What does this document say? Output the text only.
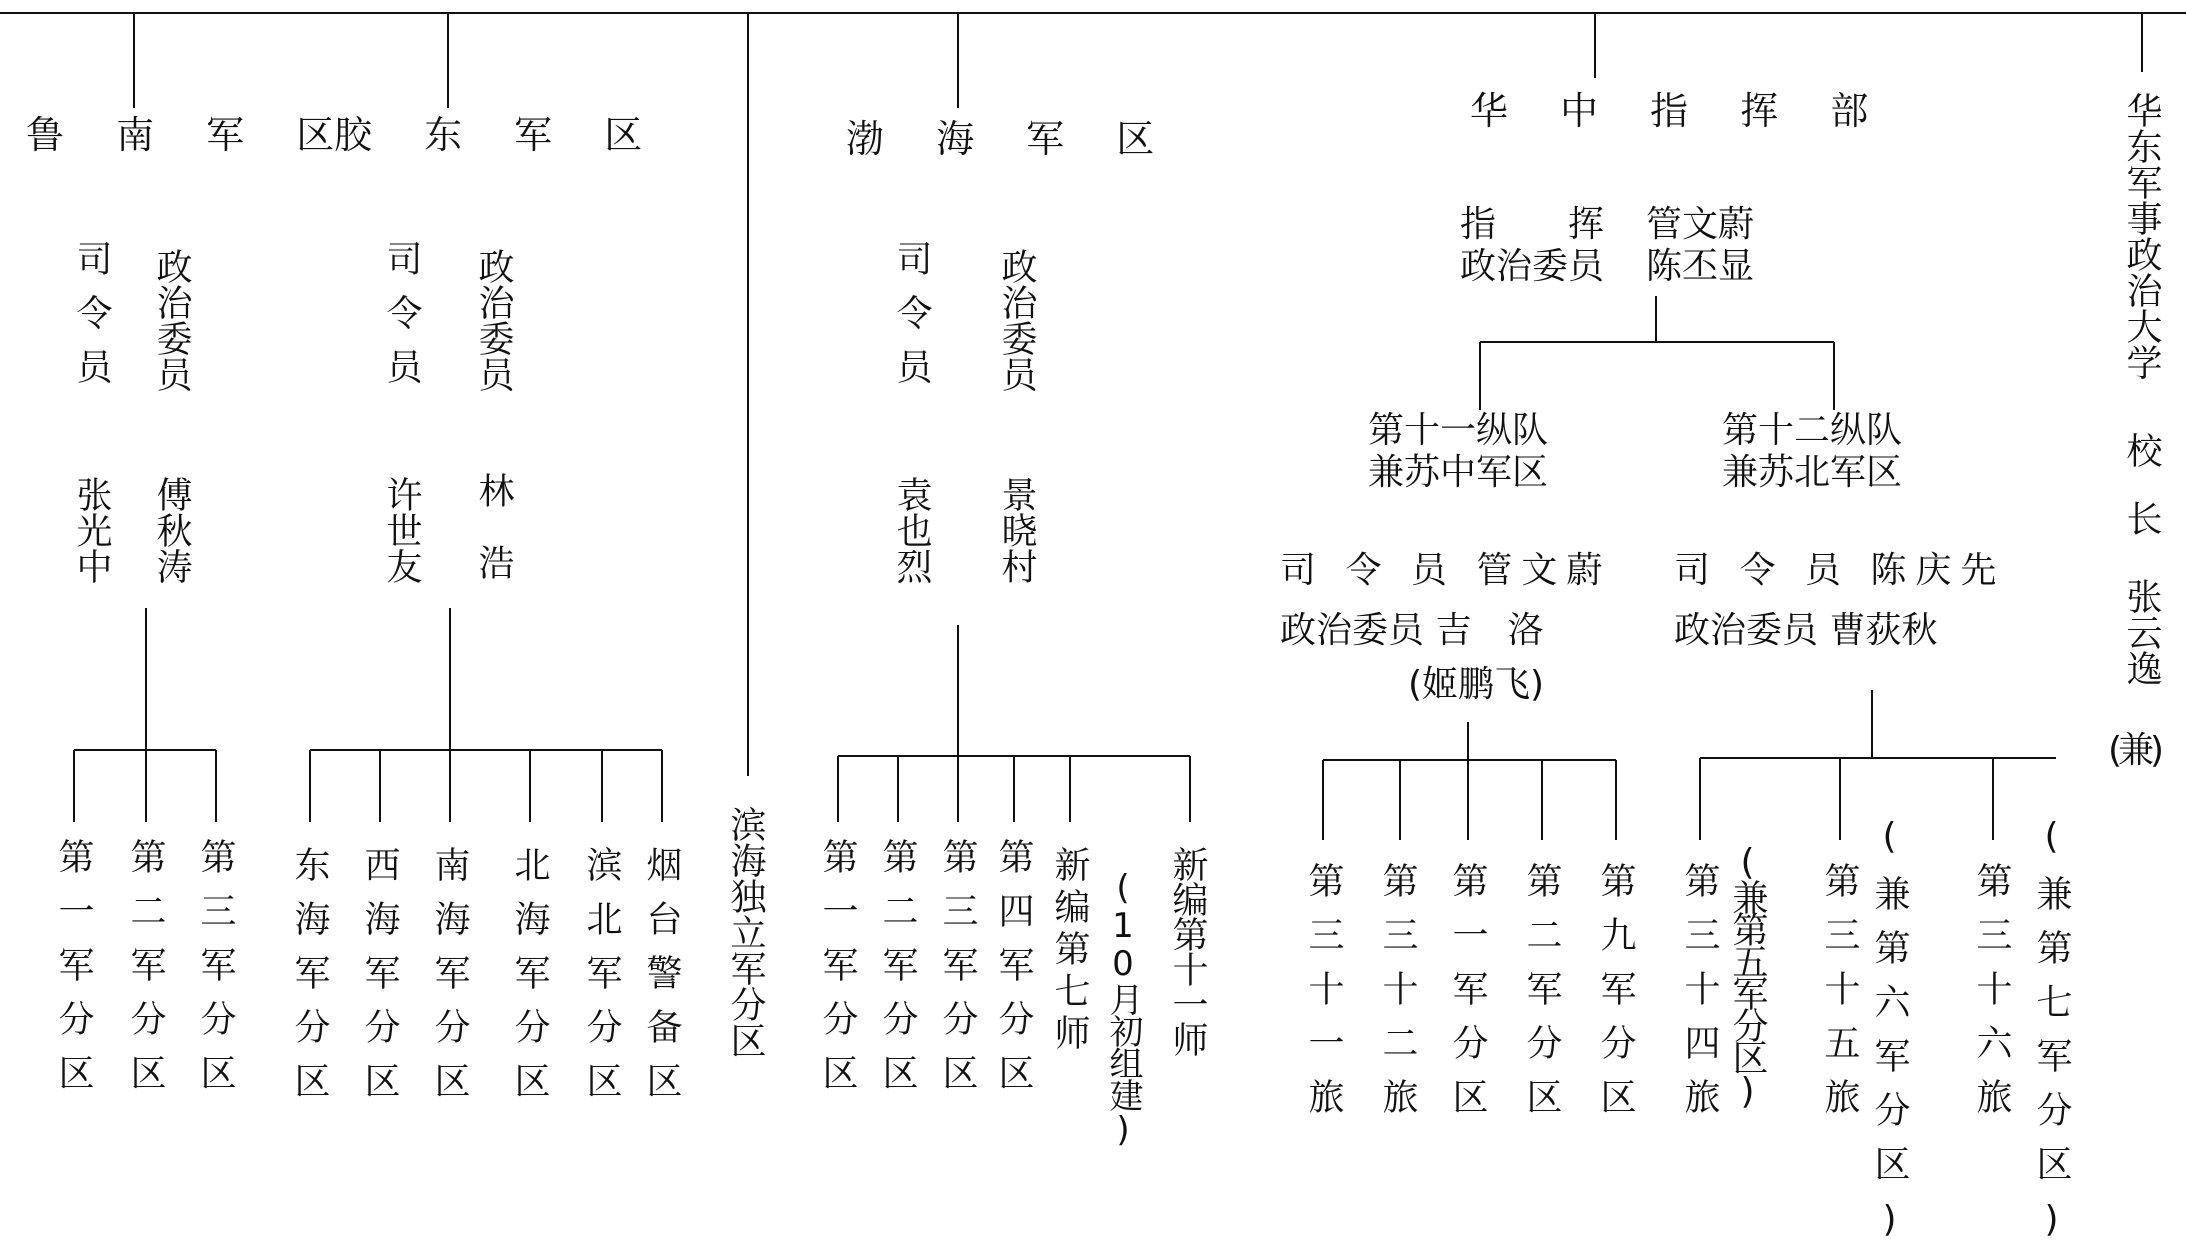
鲁 南 军 区
司令员 政治委员
张光中 傅秋涛
第一军分区 第二军分区 第三军分区
胶 东 军 区
司令员 政治委员
许世友 林　浩
东海军分区 西海军分区 南海军分区 北海军分区 滨北军分区 烟台警备区 滨海独立军分区
渤 海 军 区
司令员 政治委员
袁也烈 景晓村
第一军分区 第二军分区 第三军分区 第四军分区 新编第七师 (10月初组建) 新编第十一师
华 中 指 挥 部
指　　挥 管文蔚
政治委员 陈丕显
第十一纵队
兼苏中军区
司 令 员 管文蔚
政治委员 吉　洛
(姬鹏飞)
第三十一旅 第三十二旅 第一军分区 第二军分区 第九军分区
第十二纵队
兼苏北军区
司 令 员 陈庆先
政治委员 曹荻秋
第三十四旅 (兼第五军分区) 第三十五旅 (兼第六军分区) 第三十六旅 (兼第七军分区)
华东军事政治大学
校长
张云逸
(兼)
